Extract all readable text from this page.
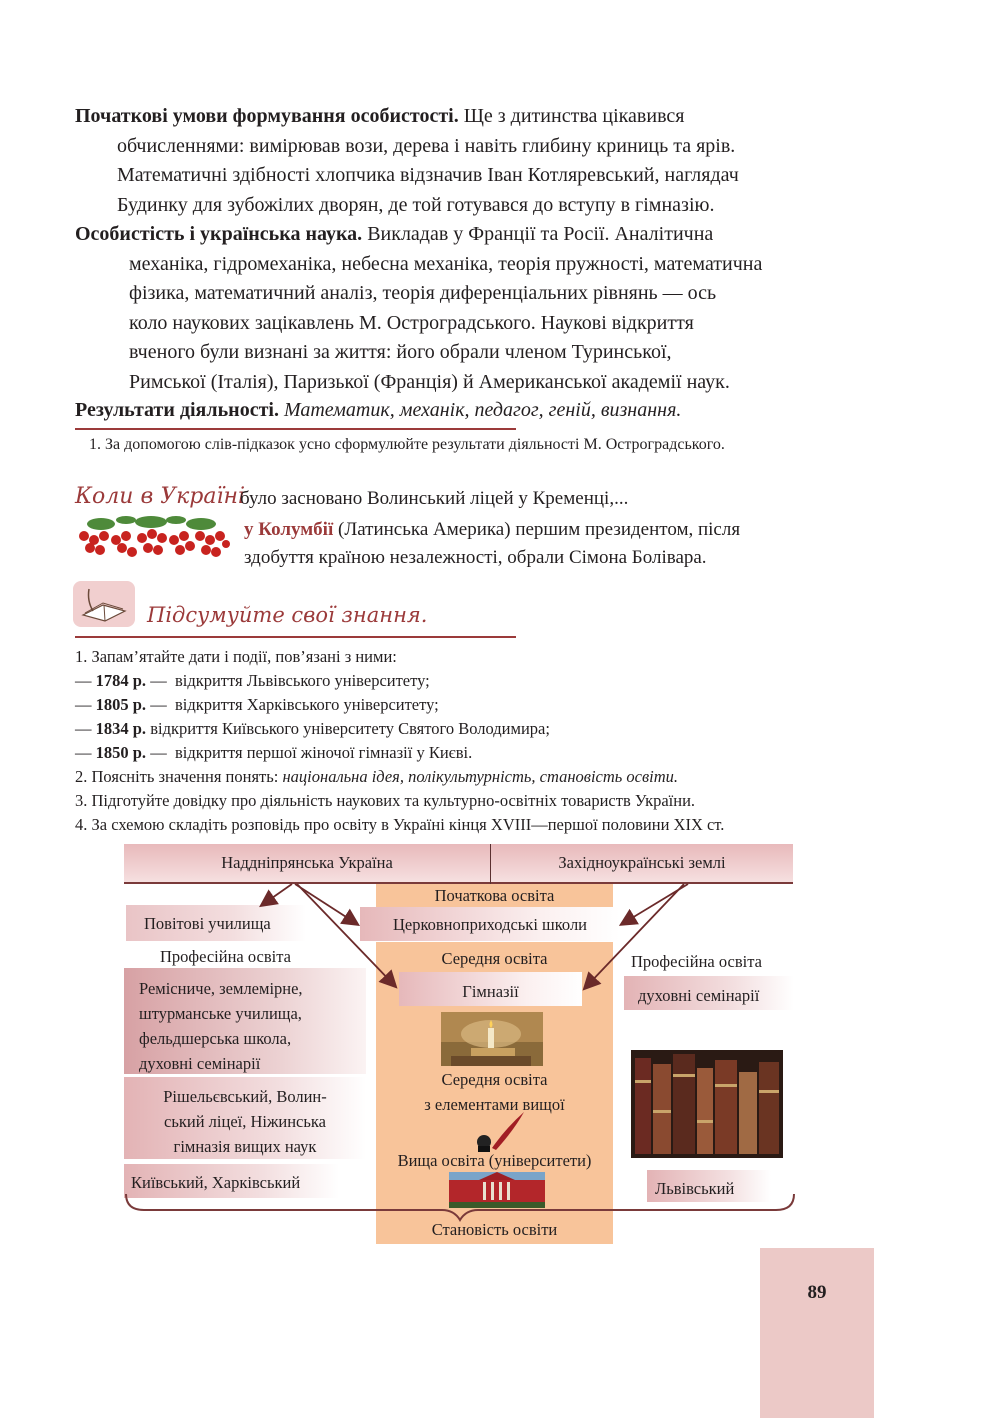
Початкові умови формування особистості. Ще з дитинства цікавився
обчисленнями: вимірював вози, дерева і навіть глибину криниць та ярів.
Математичні здібності хлопчика відзначив Іван Котляревський, наглядач
Будинку для зубожілих дворян, де той готувався до вступу в гімназію.
Особистість і українська наука. Викладав у Франції та Росії. Аналітична
механіка, гідромеханіка, небесна механіка, теорія пружності, математична
фізика, математичний аналіз, теорія диференціальних рівнянь — ось
коло наукових зацікавлень М. Остроградського. Наукові відкриття
вченого були визнані за життя: його обрали членом Туринської,
Римської (Італія), Паризької (Франція) й Американської академії наук.
Результати діяльності. Математик, механік, педагог, геній, визнання.
1. За допомогою слів-підказок усно сформулюйте результати діяльності М. Остроградського.
Коли в Україні
було засновано Волинський ліцей у Кременці,...
у Колумбії (Латинська Америка) першим президентом, після
здобуття країною незалежності, обрали Сімона Болівара.
Підсумуйте свої знання.
1. Запам’ятайте дати і події, пов’язані з ними:
— 1784 р. — відкриття Львівського університету;
— 1805 р. — відкриття Харківського університету;
— 1834 р. відкриття Київського університету Святого Володимира;
— 1850 р. — відкриття першої жіночої гімназії у Києві.
2. Поясніть значення понять: національна ідея, полікультурність, становість освіти.
3. Підготуйте довідку про діяльність наукових та культурно-освітніх товариств України.
4. За схемою складіть розповідь про освіту в Україні кінця XVIII—першої половини XIX ст.
Наддніпрянська Україна	Західноукраїнські землі
Початкова освіта
Церковноприходські школи
Повітові училища
Професійна освіта
Ремісниче, землемірне,
штурманське училища,
фельдшерська школа,
духовні семінарії
Рішельєвський, Волин-
ський ліцеї, Ніжинська
гімназія вищих наук
Київський, Харківський
Середня освіта
Гімназії
Середня освіта
з елементами вищої
Вища освіта (університети)
Становість освіти
Професійна освіта
духовні семінарії
Львівський
89
